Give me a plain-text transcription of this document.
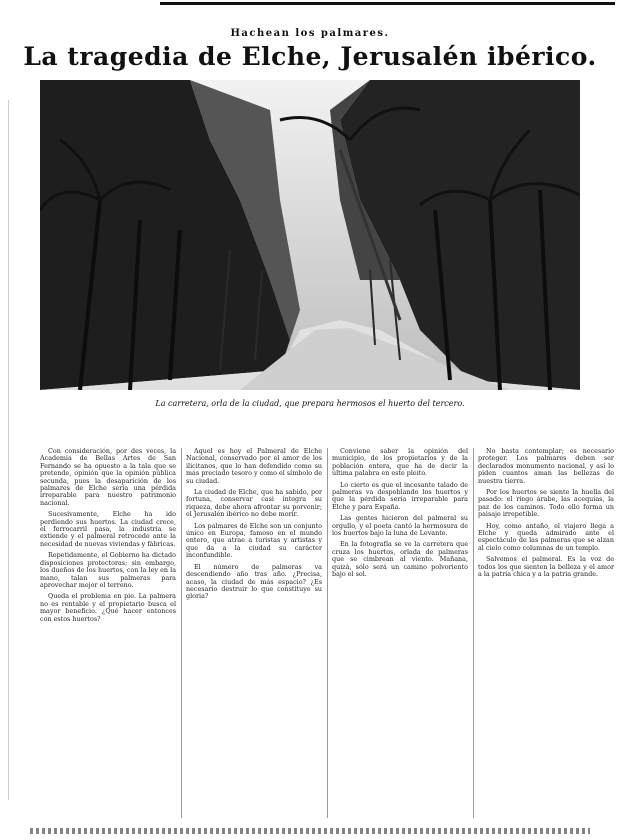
Hachean los palmares.
La tragedia de Elche, Jerusalén ibérico.
La carretera, orla de la ciudad, que prepara hermosos el huerto del tercero.

Con consideración, por des veces, la Academia de Bellas Artes de San Fernando se ha opuesto a la tala que se pretende, opinión que la opinión pública secunda, pues la desaparición de los palmares de Elche sería una pérdida irreparable para nuestro patrimonio nacional.

Sucesivamente, Elche ha ido perdiendo sus huertos. La ciudad crece, el ferrocarril pasa, la industria se extiende y el palmeral retrocede ante la necesidad de nuevas viviendas y fábricas.

Repetidamente, el Gobierno ha dictado disposiciones protectoras; sin embargo, los dueños de los huertos, con la ley en la mano, talan sus palmeras para aprovechar mejor el terreno.

Queda el problema en pie. La palmera no es rentable y el propietario busca el mayor beneficio. ¿Qué hacer entonces con estos huertos?

Aquel es hoy el Palmeral de Elche Nacional, conservado por el amor de los ilicitanos, que lo han defendido como su más preciado tesoro y como el símbolo de su ciudad.

La ciudad de Elche, que ha sabido, por fortuna, conservar casi íntegra su riqueza, debe ahora afrontar su porvenir; el Jerusalén ibérico no debe morir.

Los palmares de Elche son un conjunto único en Europa, famoso en el mundo entero, que atrae a turistas y artistas y que da a la ciudad su carácter inconfundible.

El número de palmeras va descendiendo año tras año. ¿Precisa, acaso, la ciudad de más espacio? ¿Es necesario destruir lo que constituye su gloria?

Conviene saber la opinión del municipio, de los propietarios y de la población entera, que ha de decir la última palabra en este pleito.

Lo cierto es que el incesante talado de palmeras va despoblando los huertos y que la pérdida sería irreparable para Elche y para España.

Las gentes hicieron del palmeral su orgullo, y el poeta cantó la hermosura de los huertos bajo la luna de Levante.

En la fotografía se ve la carretera que cruza los huertos, orlada de palmeras que se cimbrean al viento. Mañana, quizá, sólo será un camino polvoriento bajo el sol.

No basta contemplar; es necesario proteger. Los palmares deben ser declarados monumento nacional, y así lo piden cuantos aman las bellezas de nuestra tierra.

Por los huertos se siente la huella del pasado: el riego árabe, las acequias, la paz de los caminos. Todo ello forma un paisaje irrepetible.

Hoy, como antaño, el viajero llega a Elche y queda admirado ante el espectáculo de las palmeras que se alzan al cielo como columnas de un templo.

Salvemos el palmeral. Es la voz de todos los que sienten la belleza y el amor a la patria chica y a la patria grande.
